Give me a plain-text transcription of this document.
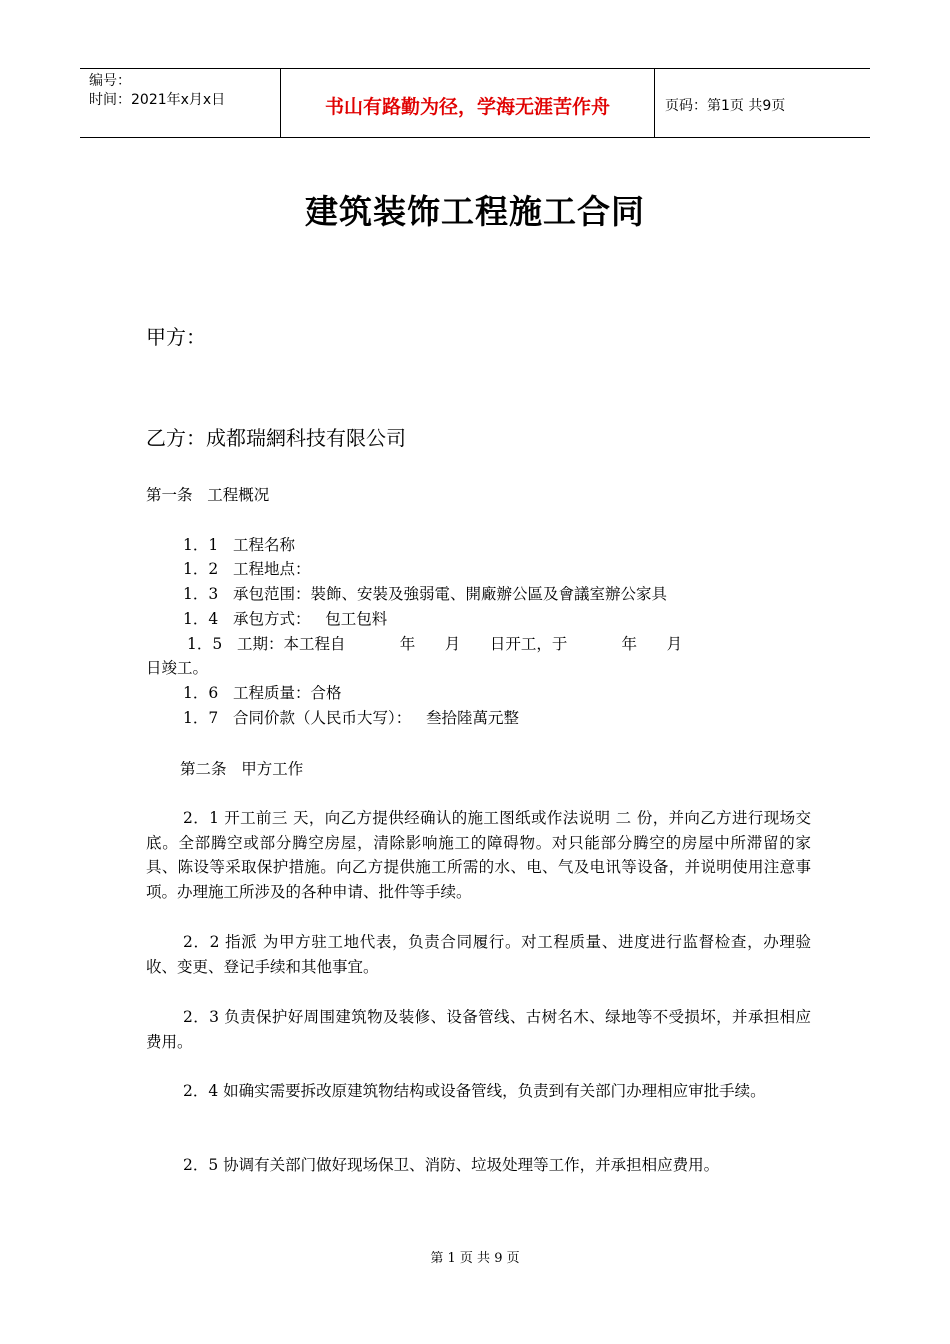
编号：
时间：2021年x月x日	书山有路勤为径，学海无涯苦作舟	页码：第1页 共9页
建筑装饰工程施工合同
甲方：
乙方：成都瑞網科技有限公司
第一条   工程概况
1．1   工程名称
1．2   工程地点：
1．3   承包范围：裝飾、安裝及強弱電、開廠辦公區及會議室辦公家具
1．4   承包方式：   包工包料
1．5   工期：本工程自           年      月      日开工，于           年      月
日竣工。
1．6   工程质量：合格
1．7   合同价款（人民币大写）：   叁拾陸萬元整
第二条   甲方工作
2．1 开工前三 天，向乙方提供经确认的施工图纸或作法说明 二 份，并向乙方进行现场交底。全部腾空或部分腾空房屋，清除影响施工的障碍物。对只能部分腾空的房屋中所滞留的家具、陈设等采取保护措施。向乙方提供施工所需的水、电、气及电讯等设备，并说明使用注意事项。办理施工所涉及的各种申请、批件等手续。
2．2 指派 为甲方驻工地代表，负责合同履行。对工程质量、进度进行监督检查，办理验收、变更、登记手续和其他事宜。
2．3 负责保护好周围建筑物及装修、设备管线、古树名木、绿地等不受损坏，并承担相应费用。
2．4 如确实需要拆改原建筑物结构或设备管线，负责到有关部门办理相应审批手续。
2．5 协调有关部门做好现场保卫、消防、垃圾处理等工作，并承担相应费用。
第 1 页 共 9 页
